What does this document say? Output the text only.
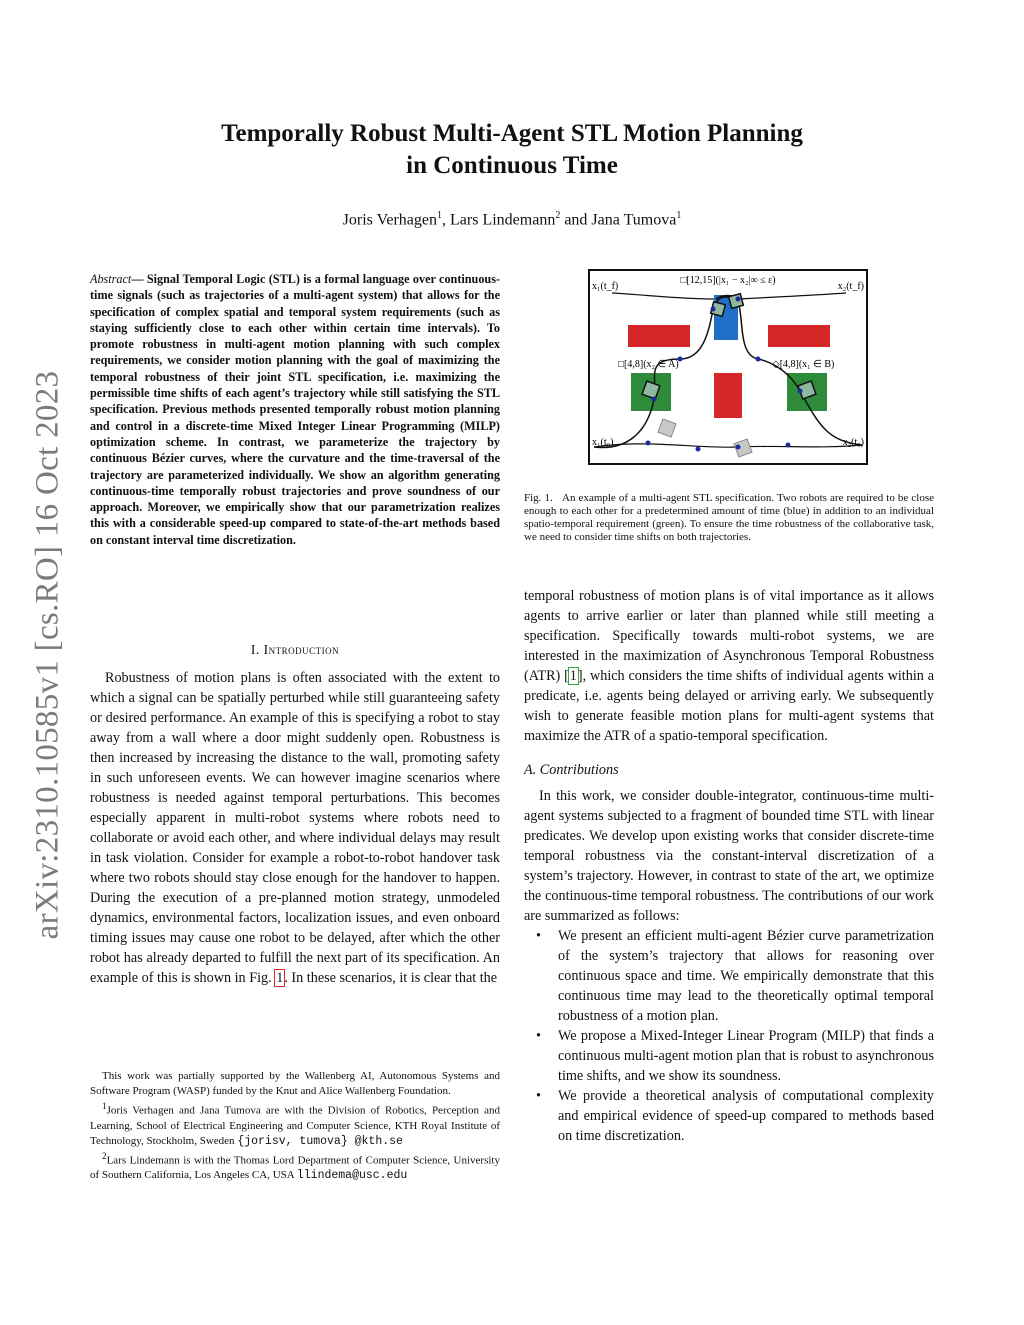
arXiv:2310.10585v1 [cs.RO] 16 Oct 2023
Temporally Robust Multi-Agent STL Motion Planning
in Continuous Time
Joris Verhagen$^1$, Lars Lindemann$^2$ and Jana Tumova$^1$
Abstract— Signal Temporal Logic (STL) is a formal language over continuous-time signals (such as trajectories of a multi-agent system) that allows for the specification of complex spatial and temporal system requirements (such as staying sufficiently close to each other within certain time intervals). To promote robustness in multi-agent motion planning with such complex requirements, we consider motion planning with the goal of maximizing the temporal robustness of their joint STL specification, i.e. maximizing the permissible time shifts of each agent’s trajectory while still satisfying the STL specification. Previous methods presented temporally robust motion planning and control in a discrete-time Mixed Integer Linear Programming (MILP) optimization scheme. In contrast, we parameterize the trajectory by continuous Bézier curves, where the curvature and the time-traversal of the trajectory are parameterized individually. We show an algorithm generating continuous-time temporally robust trajectories and prove soundness of our approach. Moreover, we empirically show that our parametrization realizes this with a considerable speed-up compared to state-of-the-art methods based on constant interval time discretization.
I. Introduction

Robustness of motion plans is often associated with the extent to which a signal can be spatially perturbed while still guaranteeing safety or desired performance. An example of this is specifying a robot to stay away from a wall where a door might suddenly open. Robustness is then increased by increasing the distance to the wall, promoting safety in such unforeseen events. We can however imagine scenarios where robustness is needed against temporal perturbations. This becomes especially apparent in multi-robot systems where robots need to collaborate or avoid each other, and where individual delays may result in task violation. Consider for example a robot-to-robot handover task where two robots should stay close enough for the handover to happen. During the execution of a pre-planned motion strategy, unmodeled dynamics, environmental factors, localization issues, and even onboard timing issues may cause one robot to be delayed, after which the other robot has already departed to fulfill the next part of its specification. An example of this is shown in Fig. 1. In these scenarios, it is clear that the

This work was partially supported by the Wallenberg AI, Autonomous Systems and Software Program (WASP) funded by the Knut and Alice Wallenberg Foundation.

$^1$Joris Verhagen and Jana Tumova are with the Division of Robotics, Perception and Learning, School of Electrical Engineering and Computer Science, KTH Royal Institute of Technology, Stockholm, Sweden {jorisv, tumova} @kth.se

$^2$Lars Lindemann is with the Thomas Lord Department of Computer Science, University of Southern California, Los Angeles CA, USA llindema@usc.edu

x₁(t_f)	x₂(t_f)
x₁(t₀)	x₂(t₀)
□[12,15](|x₁ − x₂|∞ ≤ ε)
□[4,8](x₂ ∈ A)	◇[4,8](x₁ ∈ B)
Fig. 1. An example of a multi-agent STL specification. Two robots are required to be close enough to each other for a predetermined amount of time (blue) in addition to an individual spatio-temporal requirement (green). To ensure the time robustness of the collaborative task, we need to consider time shifts on both trajectories.

temporal robustness of motion plans is of vital importance as it allows agents to arrive earlier or later than planned while still meeting a specification. Specifically towards multi-robot systems, we are interested in the maximization of Asynchronous Temporal Robustness (ATR) [1], which considers the time shifts of individual agents within a predicate, i.e. agents being delayed or arriving early. We subsequently wish to generate feasible motion plans for multi-agent systems that maximize the ATR of a spatio-temporal specification.

A. Contributions

In this work, we consider double-integrator, continuous-time multi-agent systems subjected to a fragment of bounded time STL with linear predicates. We develop upon existing works that consider discrete-time temporal robustness via the constant-interval discretization of a system’s trajectory. However, in contrast to state of the art, we optimize the continuous-time temporal robustness. The contributions of our work are summarized as follows:

• We present an efficient multi-agent Bézier curve parametrization of the system’s trajectory that allows for reasoning over continuous space and time. We empirically demonstrate that this continuous time may lead to the theoretically optimal temporal robustness of a motion plan.
• We propose a Mixed-Integer Linear Program (MILP) that finds a continuous multi-agent motion plan that is robust to asynchronous time shifts, and we show its soundness.
• We provide a theoretical analysis of computational complexity and empirical evidence of speed-up compared to methods based on time discretization.
